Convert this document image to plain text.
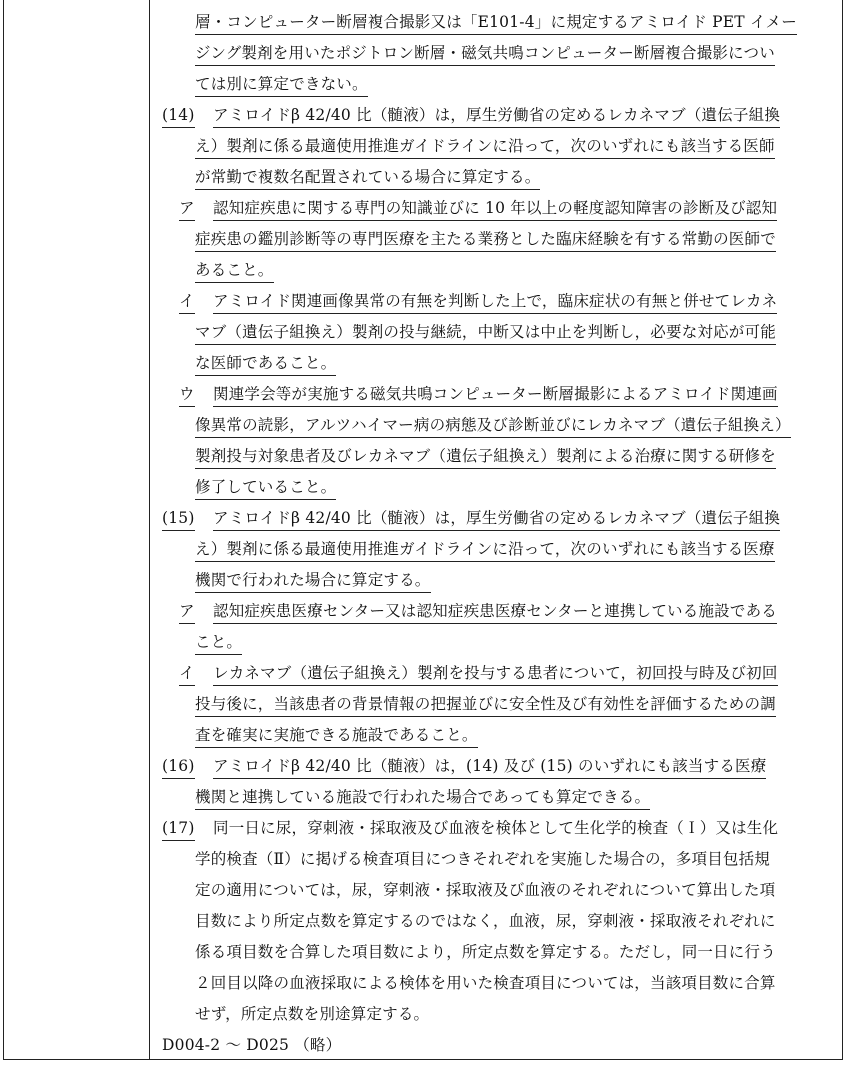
層・コンピューター断層複合撮影又は「E101-4」に規定するアミロイド PET イメー
ジング製剤を用いたポジトロン断層・磁気共鳴コンピューター断層複合撮影につい
ては別に算定できない。
(14) アミロイドβ 42/40 比（髄液）は，厚生労働省の定めるレカネマブ（遺伝子組換
え）製剤に係る最適使用推進ガイドラインに沿って，次のいずれにも該当する医師
が常勤で複数名配置されている場合に算定する。
ア 認知症疾患に関する専門の知識並びに 10 年以上の軽度認知障害の診断及び認知
症疾患の鑑別診断等の専門医療を主たる業務とした臨床経験を有する常勤の医師で
あること。
イ アミロイド関連画像異常の有無を判断した上で，臨床症状の有無と併せてレカネ
マブ（遺伝子組換え）製剤の投与継続，中断又は中止を判断し，必要な対応が可能
な医師であること。
ウ 関連学会等が実施する磁気共鳴コンピューター断層撮影によるアミロイド関連画
像異常の読影，アルツハイマー病の病態及び診断並びにレカネマブ（遺伝子組換え）
製剤投与対象患者及びレカネマブ（遺伝子組換え）製剤による治療に関する研修を
修了していること。
(15) アミロイドβ 42/40 比（髄液）は，厚生労働省の定めるレカネマブ（遺伝子組換
え）製剤に係る最適使用推進ガイドラインに沿って，次のいずれにも該当する医療
機関で行われた場合に算定する。
ア 認知症疾患医療センター又は認知症疾患医療センターと連携している施設である
こと。
イ レカネマブ（遺伝子組換え）製剤を投与する患者について，初回投与時及び初回
投与後に，当該患者の背景情報の把握並びに安全性及び有効性を評価するための調
査を確実に実施できる施設であること。
(16) アミロイドβ 42/40 比（髄液）は，(14) 及び (15) のいずれにも該当する医療
機関と連携している施設で行われた場合であっても算定できる。
(17) 同一日に尿，穿刺液・採取液及び血液を検体として生化学的検査（Ｉ）又は生化
学的検査（Ⅱ）に掲げる検査項目につきそれぞれを実施した場合の，多項目包括規
定の適用については，尿，穿刺液・採取液及び血液のそれぞれについて算出した項
目数により所定点数を算定するのではなく，血液，尿，穿刺液・採取液それぞれに
係る項目数を合算した項目数により，所定点数を算定する。ただし，同一日に行う
２回目以降の血液採取による検体を用いた検査項目については，当該項目数に合算
せず，所定点数を別途算定する。
D004-2 ～ D025 （略）
